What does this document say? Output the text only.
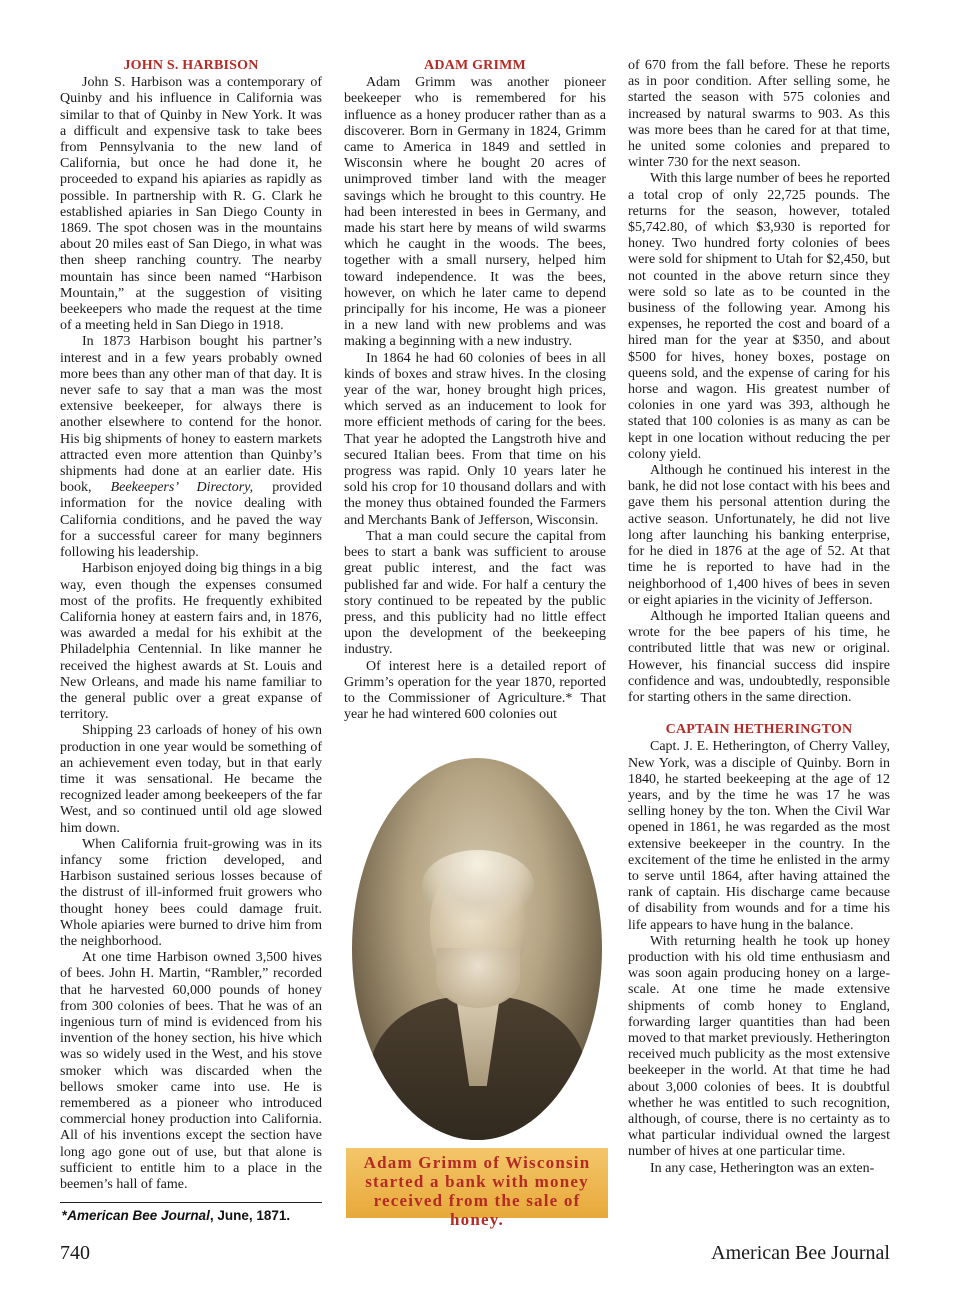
JOHN S. HARBISON

John S. Harbison was a contemporary of Quinby and his influence in California was similar to that of Quinby in New York. It was a difficult and expensive task to take bees from Pennsylvania to the new land of California, but once he had done it, he proceeded to expand his apiaries as rapidly as possible. In partnership with R. G. Clark he established apiaries in San Diego County in 1869. The spot chosen was in the mountains about 20 miles east of San Diego, in what was then sheep ranching country. The nearby mountain has since been named “Harbison Mountain,” at the suggestion of visiting beekeepers who made the request at the time of a meeting held in San Diego in 1918.

In 1873 Harbison bought his partner’s interest and in a few years probably owned more bees than any other man of that day. It is never safe to say that a man was the most extensive beekeeper, for always there is another elsewhere to contend for the honor. His big shipments of honey to eastern markets attracted even more attention than Quinby’s shipments had done at an earlier date. His book, Beekeepers’ Directory, provided information for the novice dealing with California conditions, and he paved the way for a successful career for many beginners following his leadership.

Harbison enjoyed doing big things in a big way, even though the expenses consumed most of the profits. He frequently exhibited California honey at eastern fairs and, in 1876, was awarded a medal for his exhibit at the Philadelphia Centennial. In like manner he received the highest awards at St. Louis and New Orleans, and made his name familiar to the general public over a great expanse of territory.

Shipping 23 carloads of honey of his own production in one year would be something of an achievement even today, but in that early time it was sensational. He became the recognized leader among beekeepers of the far West, and so continued until old age slowed him down.

When California fruit-growing was in its infancy some friction developed, and Harbison sustained serious losses because of the distrust of ill-informed fruit growers who thought honey bees could damage fruit. Whole apiaries were burned to drive him from the neighborhood.

At one time Harbison owned 3,500 hives of bees. John H. Martin, “Rambler,” recorded that he harvested 60,000 pounds of honey from 300 colonies of bees. That he was of an ingenious turn of mind is evidenced from his invention of the honey section, his hive which was so widely used in the West, and his stove smoker which was discarded when the bellows smoker came into use. He is remembered as a pioneer who introduced commercial honey production into California. All of his inventions except the section have long ago gone out of use, but that alone is sufficient to entitle him to a place in the beemen’s hall of fame.

ADAM GRIMM

Adam Grimm was another pioneer beekeeper who is remembered for his influence as a honey producer rather than as a discoverer. Born in Germany in 1824, Grimm came to America in 1849 and settled in Wisconsin where he bought 20 acres of unimproved timber land with the meager savings which he brought to this country. He had been interested in bees in Germany, and made his start here by means of wild swarms which he caught in the woods. The bees, together with a small nursery, helped him toward independence. It was the bees, however, on which he later came to depend principally for his income, He was a pioneer in a new land with new problems and was making a beginning with a new industry.

In 1864 he had 60 colonies of bees in all kinds of boxes and straw hives. In the closing year of the war, honey brought high prices, which served as an inducement to look for more efficient methods of caring for the bees. That year he adopted the Langstroth hive and secured Italian bees. From that time on his progress was rapid. Only 10 years later he sold his crop for 10 thousand dollars and with the money thus obtained founded the Farmers and Merchants Bank of Jefferson, Wisconsin.

That a man could secure the capital from bees to start a bank was sufficient to arouse great public interest, and the fact was published far and wide. For half a century the story continued to be repeated by the public press, and this publicity had no little effect upon the development of the beekeeping industry.

Of interest here is a detailed report of Grimm’s operation for the year 1870, reported to the Commissioner of Agriculture.* That year he had wintered 600 colonies out

Adam Grimm of Wisconsin started a bank with money received from the sale of honey.

of 670 from the fall before. These he reports as in poor condition. After selling some, he started the season with 575 colonies and increased by natural swarms to 903. As this was more bees than he cared for at that time, he united some colonies and prepared to winter 730 for the next season.

With this large number of bees he reported a total crop of only 22,725 pounds. The returns for the season, however, totaled $5,742.80, of which $3,930 is reported for honey. Two hundred forty colonies of bees were sold for shipment to Utah for $2,450, but not counted in the above return since they were sold so late as to be counted in the business of the following year. Among his expenses, he reported the cost and board of a hired man for the year at $350, and about $500 for hives, honey boxes, postage on queens sold, and the expense of caring for his horse and wagon. His greatest number of colonies in one yard was 393, although he stated that 100 colonies is as many as can be kept in one location without reducing the per colony yield.

Although he continued his interest in the bank, he did not lose contact with his bees and gave them his personal attention during the active season. Unfortunately, he did not live long after launching his banking enterprise, for he died in 1876 at the age of 52. At that time he is reported to have had in the neighborhood of 1,400 hives of bees in seven or eight apiaries in the vicinity of Jefferson.

Although he imported Italian queens and wrote for the bee papers of his time, he contributed little that was new or original. However, his financial success did inspire confidence and was, undoubtedly, responsible for starting others in the same direction.

CAPTAIN HETHERINGTON

Capt. J. E. Hetherington, of Cherry Valley, New York, was a disciple of Quinby. Born in 1840, he started beekeeping at the age of 12 years, and by the time he was 17 he was selling honey by the ton. When the Civil War opened in 1861, he was regarded as the most extensive beekeeper in the country. In the excitement of the time he enlisted in the army to serve until 1864, after having attained the rank of captain. His discharge came because of disability from wounds and for a time his life appears to have hung in the balance.

With returning health he took up honey production with his old time enthusiasm and was soon again producing honey on a large-scale. At one time he made extensive shipments of comb honey to England, forwarding larger quantities than had been moved to that market previously. Hetherington received much publicity as the most extensive beekeeper in the world. At that time he had about 3,000 colonies of bees. It is doubtful whether he was entitled to such recognition, although, of course, there is no certainty as to what particular individual owned the largest number of hives at one particular time.

In any case, Hetherington was an exten-

*American Bee Journal, June, 1871.
740	American Bee Journal
